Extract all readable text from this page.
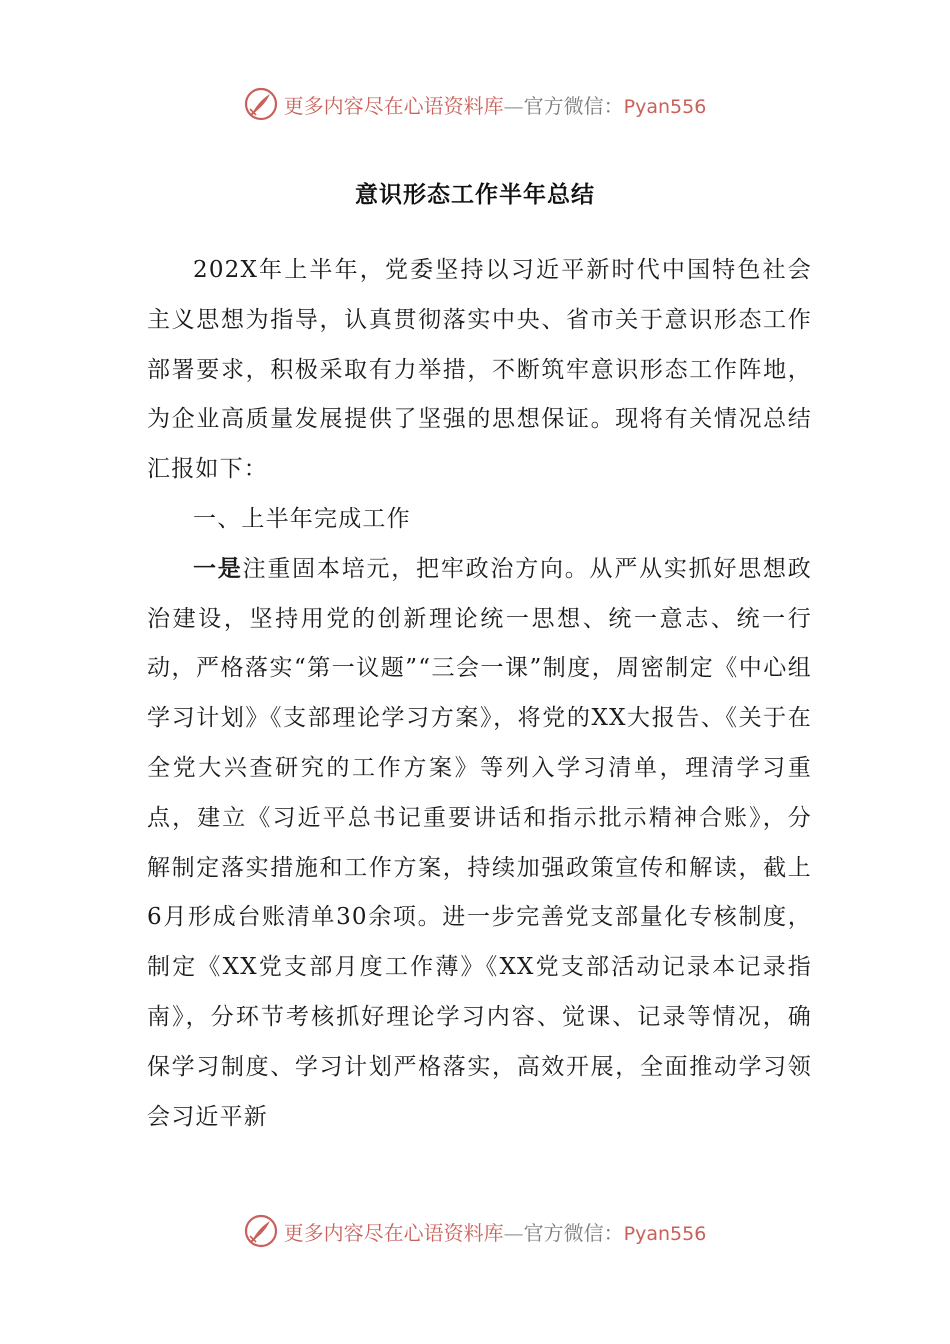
更多内容尽在心语资料库—官方微信：Pyan556
意识形态工作半年总结

202X年上半年，党委坚持以习近平新时代中国特色社会主义思想为指导，认真贯彻落实中央、省市关于意识形态工作部署要求，积极采取有力举措，不断筑牢意识形态工作阵地，为企业高质量发展提供了坚强的思想保证。现将有关情况总结汇报如下：

一、上半年完成工作

一是注重固本培元，把牢政治方向。从严从实抓好思想政治建设，坚持用党的创新理论统一思想、统一意志、统一行动，严格落实“第一议题”“三会一课”制度，周密制定《中心组学习计划》《支部理论学习方案》，将党的XX大报告、《关于在全党大兴查研究的工作方案》等列入学习清单，理清学习重点，建立《习近平总书记重要讲话和指示批示精神合账》，分解制定落实措施和工作方案，持续加强政策宣传和解读，截上6月形成台账清单30余项。进一步完善党支部量化专核制度，制定《XX党支部月度工作薄》《XX党支部活动记录本记录指南》，分环节考核抓好理论学习内容、觉课、记录等情况，确保学习制度、学习计划严格落实，高效开展，全面推动学习领会习近平新

更多内容尽在心语资料库—官方微信：Pyan556
